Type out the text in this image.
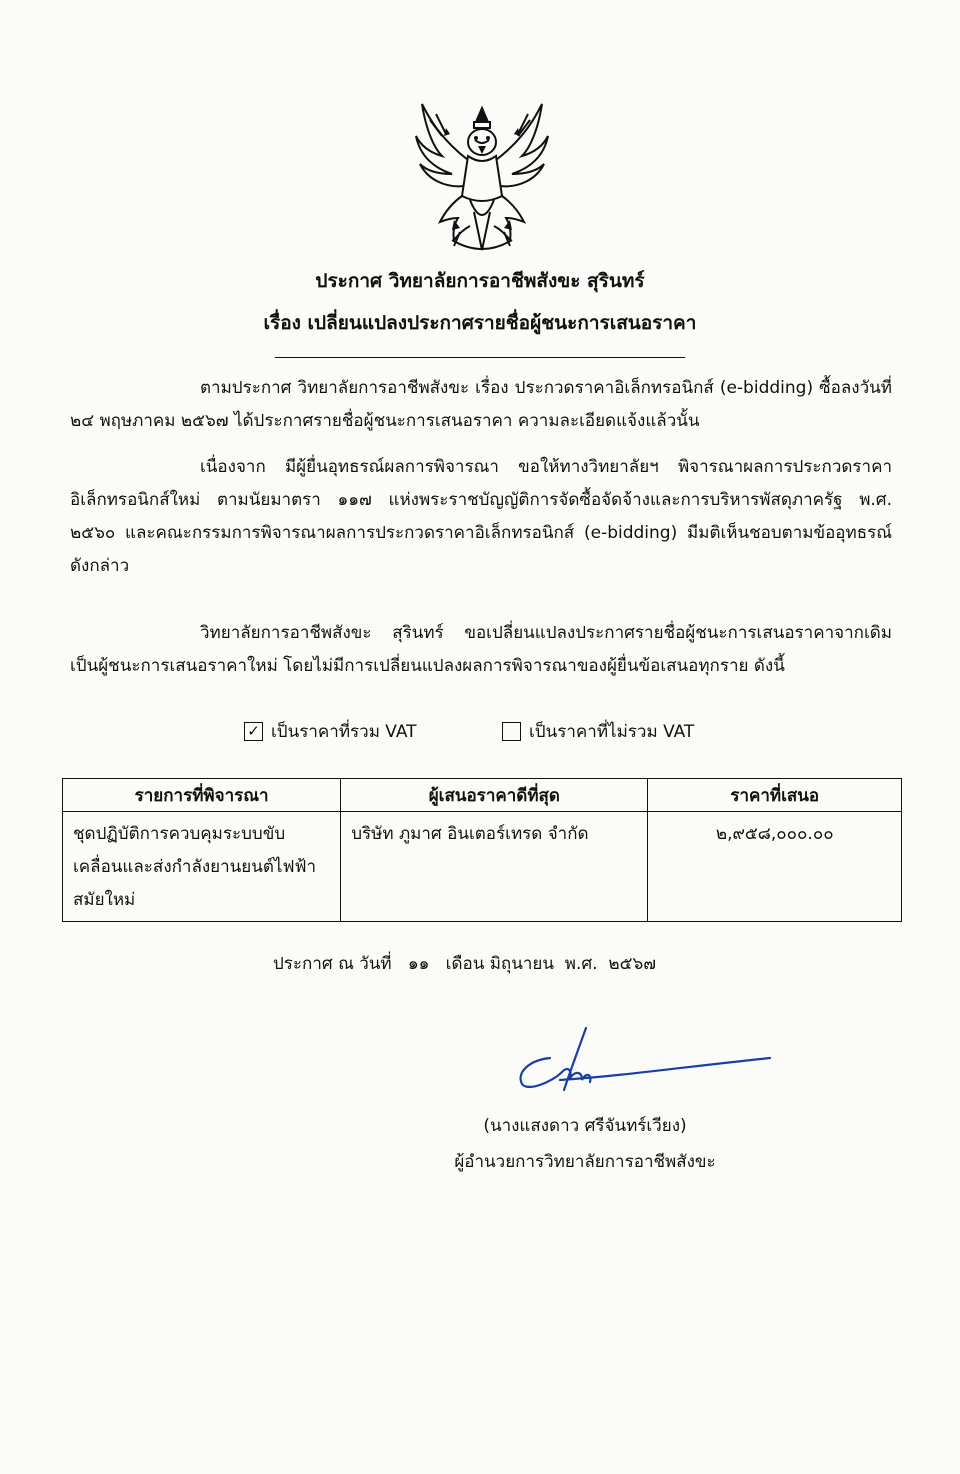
ประกาศ วิทยาลัยการอาชีพสังขะ สุรินทร์
เรื่อง เปลี่ยนแปลงประกาศรายชื่อผู้ชนะการเสนอราคา
ตามประกาศ วิทยาลัยการอาชีพสังขะ เรื่อง ประกวดราคาอิเล็กทรอนิกส์ (e-bidding) ซื้อลงวันที่ ๒๔ พฤษภาคม ๒๕๖๗ ได้ประกาศรายชื่อผู้ชนะการเสนอราคา ความละเอียดแจ้งแล้วนั้น
เนื่องจาก มีผู้ยื่นอุทธรณ์ผลการพิจารณา ขอให้ทางวิทยาลัยฯ พิจารณาผลการประกวดราคาอิเล็กทรอนิกส์ใหม่ ตามนัยมาตรา ๑๑๗ แห่งพระราชบัญญัติการจัดซื้อจัดจ้างและการบริหารพัสดุภาครัฐ พ.ศ. ๒๕๖๐ และคณะกรรมการพิจารณาผลการประกวดราคาอิเล็กทรอนิกส์ (e-bidding) มีมติเห็นชอบตามข้ออุทธรณ์ดังกล่าว
วิทยาลัยการอาชีพสังขะ สุรินทร์ ขอเปลี่ยนแปลงประกาศรายชื่อผู้ชนะการเสนอราคาจากเดิม เป็นผู้ชนะการเสนอราคาใหม่ โดยไม่มีการเปลี่ยนแปลงผลการพิจารณาของผู้ยื่นข้อเสนอทุกราย ดังนี้
✓ เป็นราคาที่รวม VAT	เป็นราคาที่ไม่รวม VAT
รายการที่พิจารณา	ผู้เสนอราคาดีที่สุด	ราคาที่เสนอ
ชุดปฏิบัติการควบคุมระบบขับเคลื่อนและส่งกำลังยานยนต์ไฟฟ้าสมัยใหม่	บริษัท ภูมาศ อินเตอร์เทรด จำกัด	๒,๙๕๘,๐๐๐.๐๐
ประกาศ ณ วันที่   ๑๑   เดือน มิถุนายน  พ.ศ.  ๒๕๖๗
(นางแสงดาว ศรีจันทร์เวียง)
ผู้อำนวยการวิทยาลัยการอาชีพสังขะ
